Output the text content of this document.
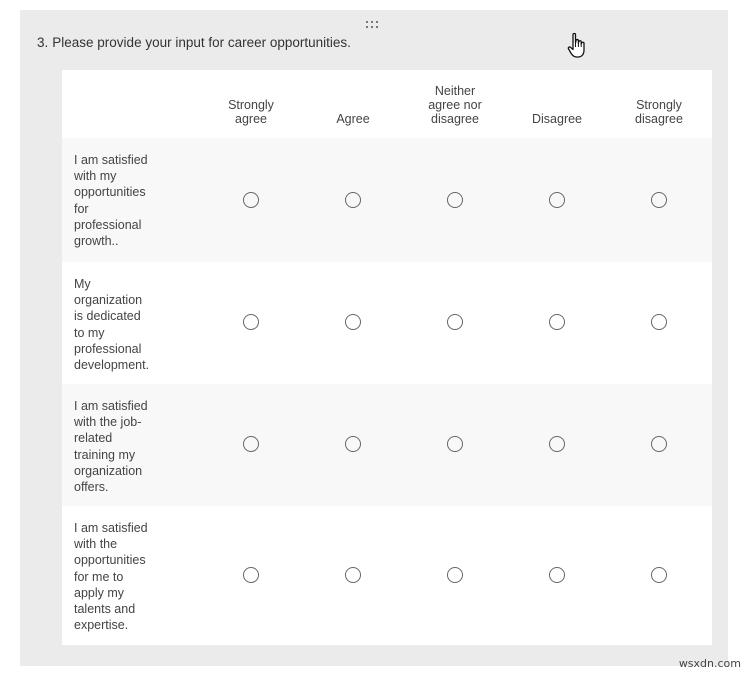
3. Please provide your input for career opportunities.
Strongly
agree	Agree
Neither
agree nor
disagree	Disagree
Strongly
disagree
I am satisfied with my opportunities for professional growth..
My organization is dedicated to my professional development.
I am satisfied with the job-related training my organization offers.
I am satisfied with the opportunities for me to apply my talents and expertise.
wsxdn.com
